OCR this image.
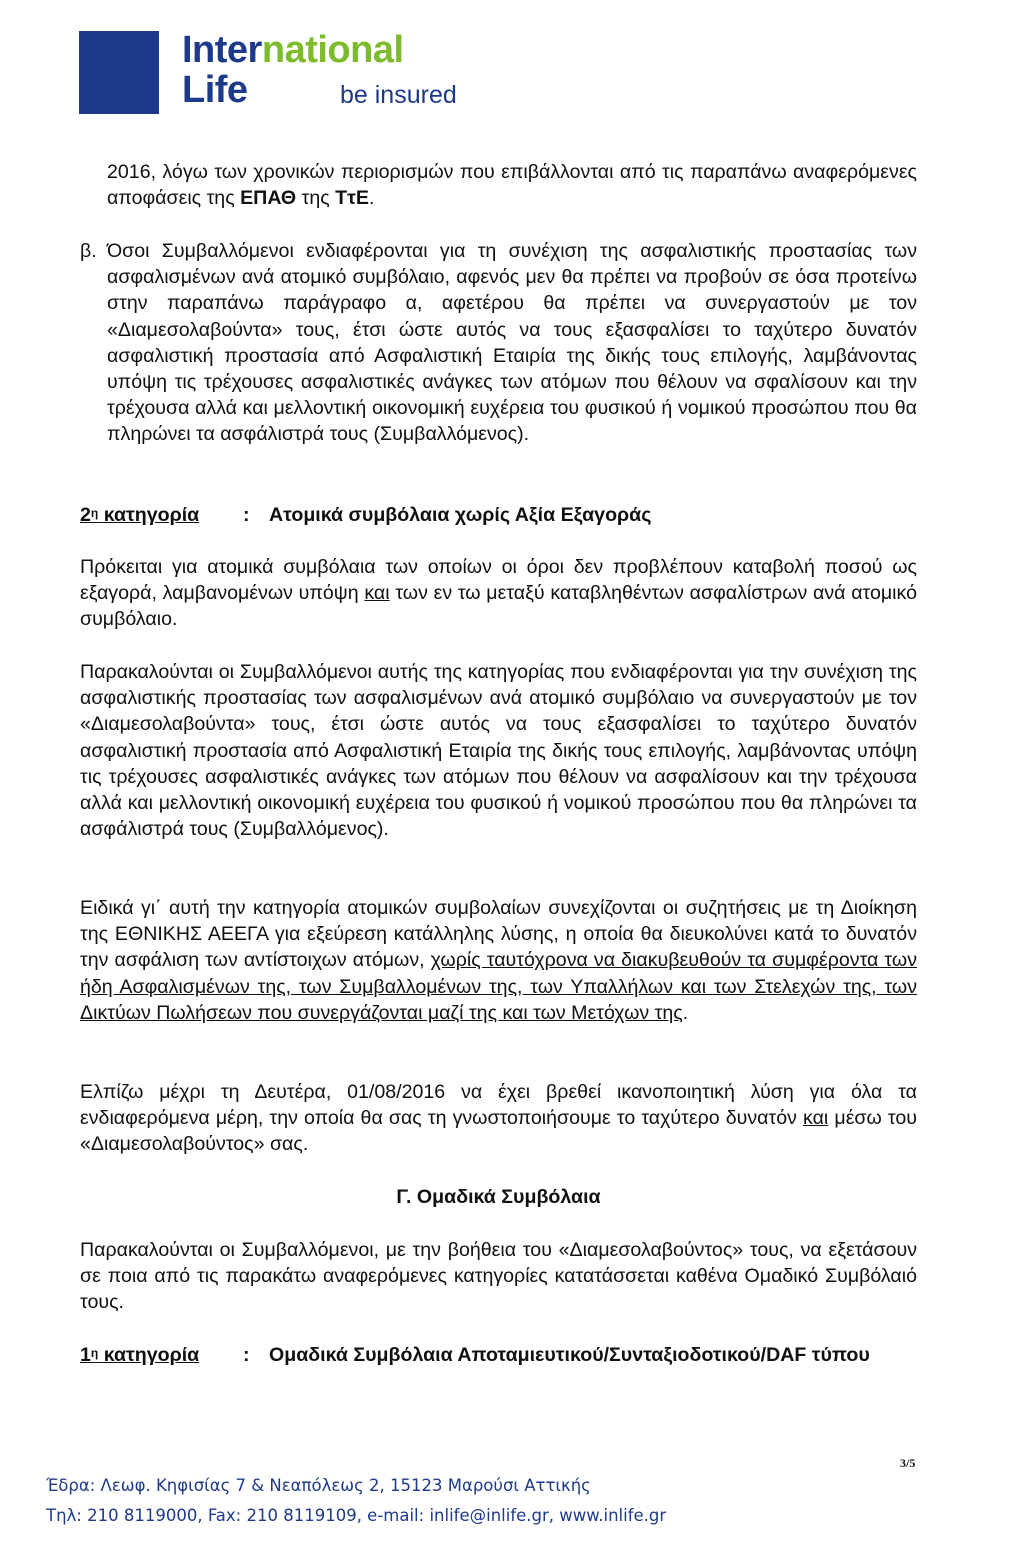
International
Life	be insured

2016, λόγω των χρονικών περιορισμών που επιβάλλονται από τις παραπάνω αναφερόμενες αποφάσεις της ΕΠΑΘ της ΤτΕ.

β. Όσοι Συμβαλλόμενοι ενδιαφέρονται για τη συνέχιση της ασφαλιστικής προστασίας των ασφαλισμένων ανά ατομικό συμβόλαιο, αφενός μεν θα πρέπει να προβούν σε όσα προτείνω στην παραπάνω παράγραφο α, αφετέρου θα πρέπει να συνεργαστούν με τον «Διαμεσολαβούντα» τους, έτσι ώστε αυτός να τους εξασφαλίσει το ταχύτερο δυνατόν ασφαλιστική προστασία από Ασφαλιστική Εταιρία της δικής τους επιλογής, λαμβάνοντας υπόψη τις τρέχουσες ασφαλιστικές ανάγκες των ατόμων που θέλουν να σφαλίσουν και την τρέχουσα αλλά και μελλοντική οικονομική ευχέρεια του φυσικού ή νομικού προσώπου που θα πληρώνει τα ασφάλιστρά τους (Συμβαλλόμενος).
$2^\eta$ κατηγορία : Ατομικά συμβόλαια χωρίς Αξία Εξαγοράς

Πρόκειται για ατομικά συμβόλαια των οποίων οι όροι δεν προβλέπουν καταβολή ποσού ως εξαγορά, λαμβανομένων υπόψη και των εν τω μεταξύ καταβληθέντων ασφαλίστρων ανά ατομικό συμβόλαιο.

Παρακαλούνται οι Συμβαλλόμενοι αυτής της κατηγορίας που ενδιαφέρονται για την συνέχιση της ασφαλιστικής προστασίας των ασφαλισμένων ανά ατομικό συμβόλαιο να συνεργαστούν με τον «Διαμεσολαβούντα» τους, έτσι ώστε αυτός να τους εξασφαλίσει το ταχύτερο δυνατόν ασφαλιστική προστασία από Ασφαλιστική Εταιρία της δικής τους επιλογής, λαμβάνοντας υπόψη τις τρέχουσες ασφαλιστικές ανάγκες των ατόμων που θέλουν να ασφαλίσουν και την τρέχουσα αλλά και μελλοντική οικονομική ευχέρεια του φυσικού ή νομικού προσώπου που θα πληρώνει τα ασφάλιστρά τους (Συμβαλλόμενος).

Ειδικά γι΄ αυτή την κατηγορία ατομικών συμβολαίων συνεχίζονται οι συζητήσεις με τη Διοίκηση της ΕΘΝΙΚΗΣ ΑΕΕΓΑ για εξεύρεση κατάλληλης λύσης, η οποία θα διευκολύνει κατά το δυνατόν την ασφάλιση των αντίστοιχων ατόμων, χωρίς ταυτόχρονα να διακυβευθούν τα συμφέροντα των ήδη Ασφαλισμένων της, των Συμβαλλομένων της, των Υπαλλήλων και των Στελεχών της, των Δικτύων Πωλήσεων που συνεργάζονται μαζί της και των Μετόχων της.

Ελπίζω μέχρι τη Δευτέρα, 01/08/2016 να έχει βρεθεί ικανοποιητική λύση για όλα τα ενδιαφερόμενα μέρη, την οποία θα σας τη γνωστοποιήσουμε το ταχύτερο δυνατόν και μέσω του «Διαμεσολαβούντος» σας.

Γ. Ομαδικά Συμβόλαια

Παρακαλούνται οι Συμβαλλόμενοι, με την βοήθεια του «Διαμεσολαβούντος» τους, να εξετάσουν σε ποια από τις παρακάτω αναφερόμενες κατηγορίες κατατάσσεται καθένα Ομαδικό Συμβόλαιό τους.

$1^\eta$ κατηγορία : Ομαδικά Συμβόλαια Αποταμιευτικού/Συνταξιοδοτικού/DAF τύπου
3/5
Έδρα: Λεωφ. Κηφισίας 7 & Νεαπόλεως 2, 15123 Μαρούσι Αττικής
Τηλ: 210 8119000, Fax: 210 8119109, e-mail: inlife@inlife.gr, www.inlife.gr
